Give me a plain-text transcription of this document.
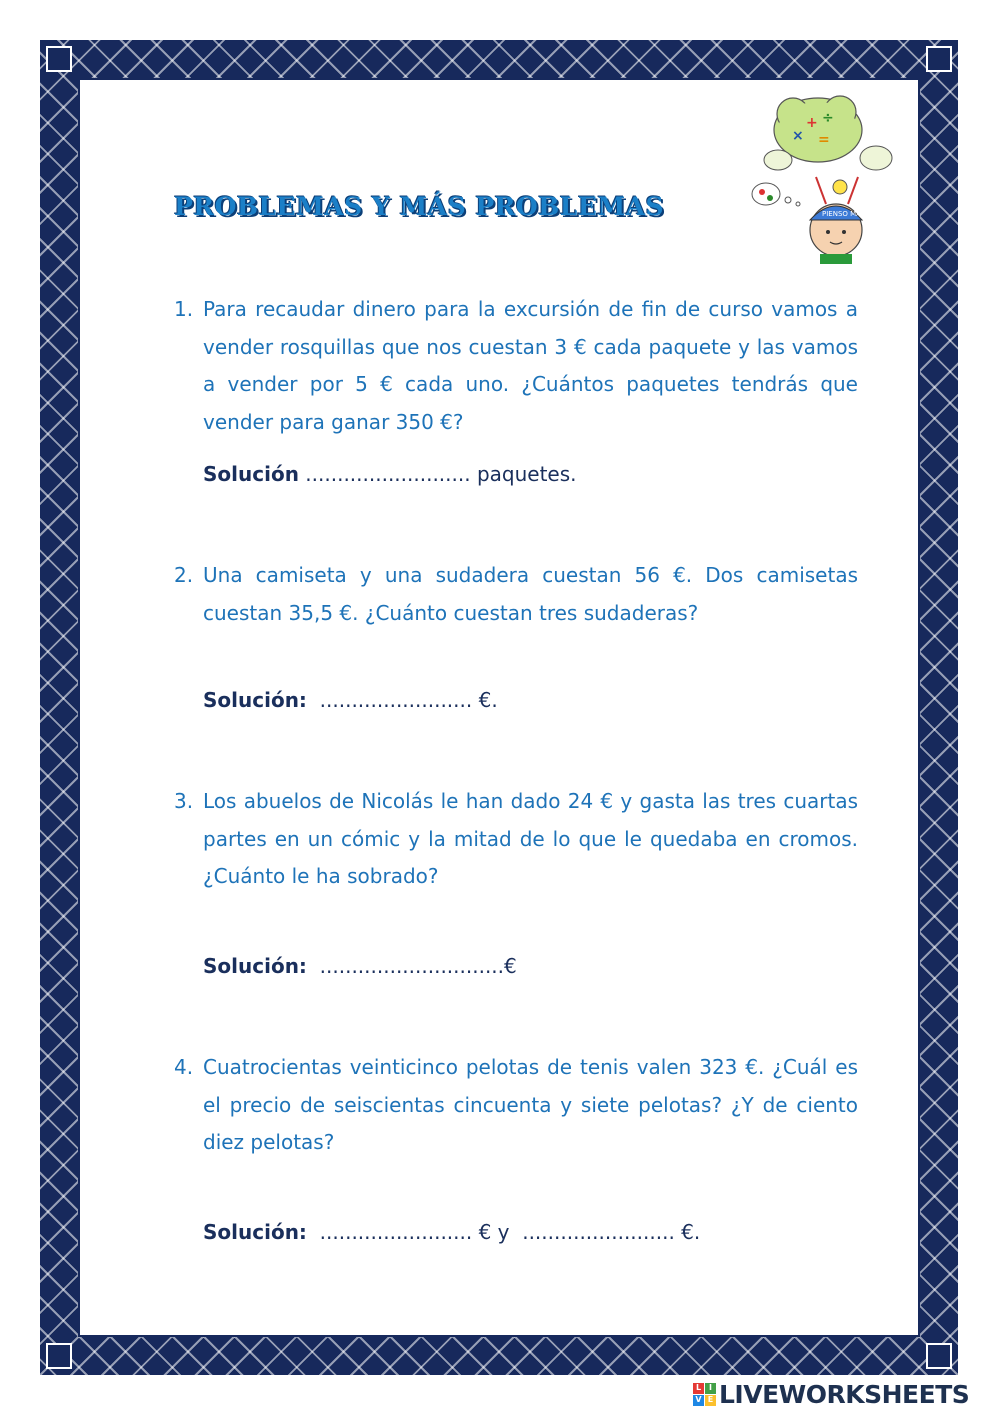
PROBLEMAS Y MÁS PROBLEMAS
+ ÷
× =
PIENSO MÁS
1. Para recaudar dinero para la excursión de fin de curso vamos a vender rosquillas que nos cuestan 3 € cada paquete y las vamos a vender por 5 € cada uno. ¿Cuántos paquetes tendrás que vender para ganar 350 €?
Solución .......................... paquetes.
2. Una camiseta y una sudadera cuestan 56 €. Dos camisetas cuestan 35,5 €. ¿Cuánto cuestan tres sudaderas?
Solución:  ........................ €.
3. Los abuelos de Nicolás le han dado 24 € y gasta las tres cuartas partes en un cómic y la mitad de lo que le quedaba en cromos. ¿Cuánto le ha sobrado?
Solución:  .............................€
4. Cuatrocientas veinticinco pelotas de tenis valen 323 €. ¿Cuál es el precio de seiscientas cincuenta y siete pelotas? ¿Y de ciento diez pelotas?
Solución:  ........................ € y  ........................ €.
L I
V E LIVEWORKSHEETS
